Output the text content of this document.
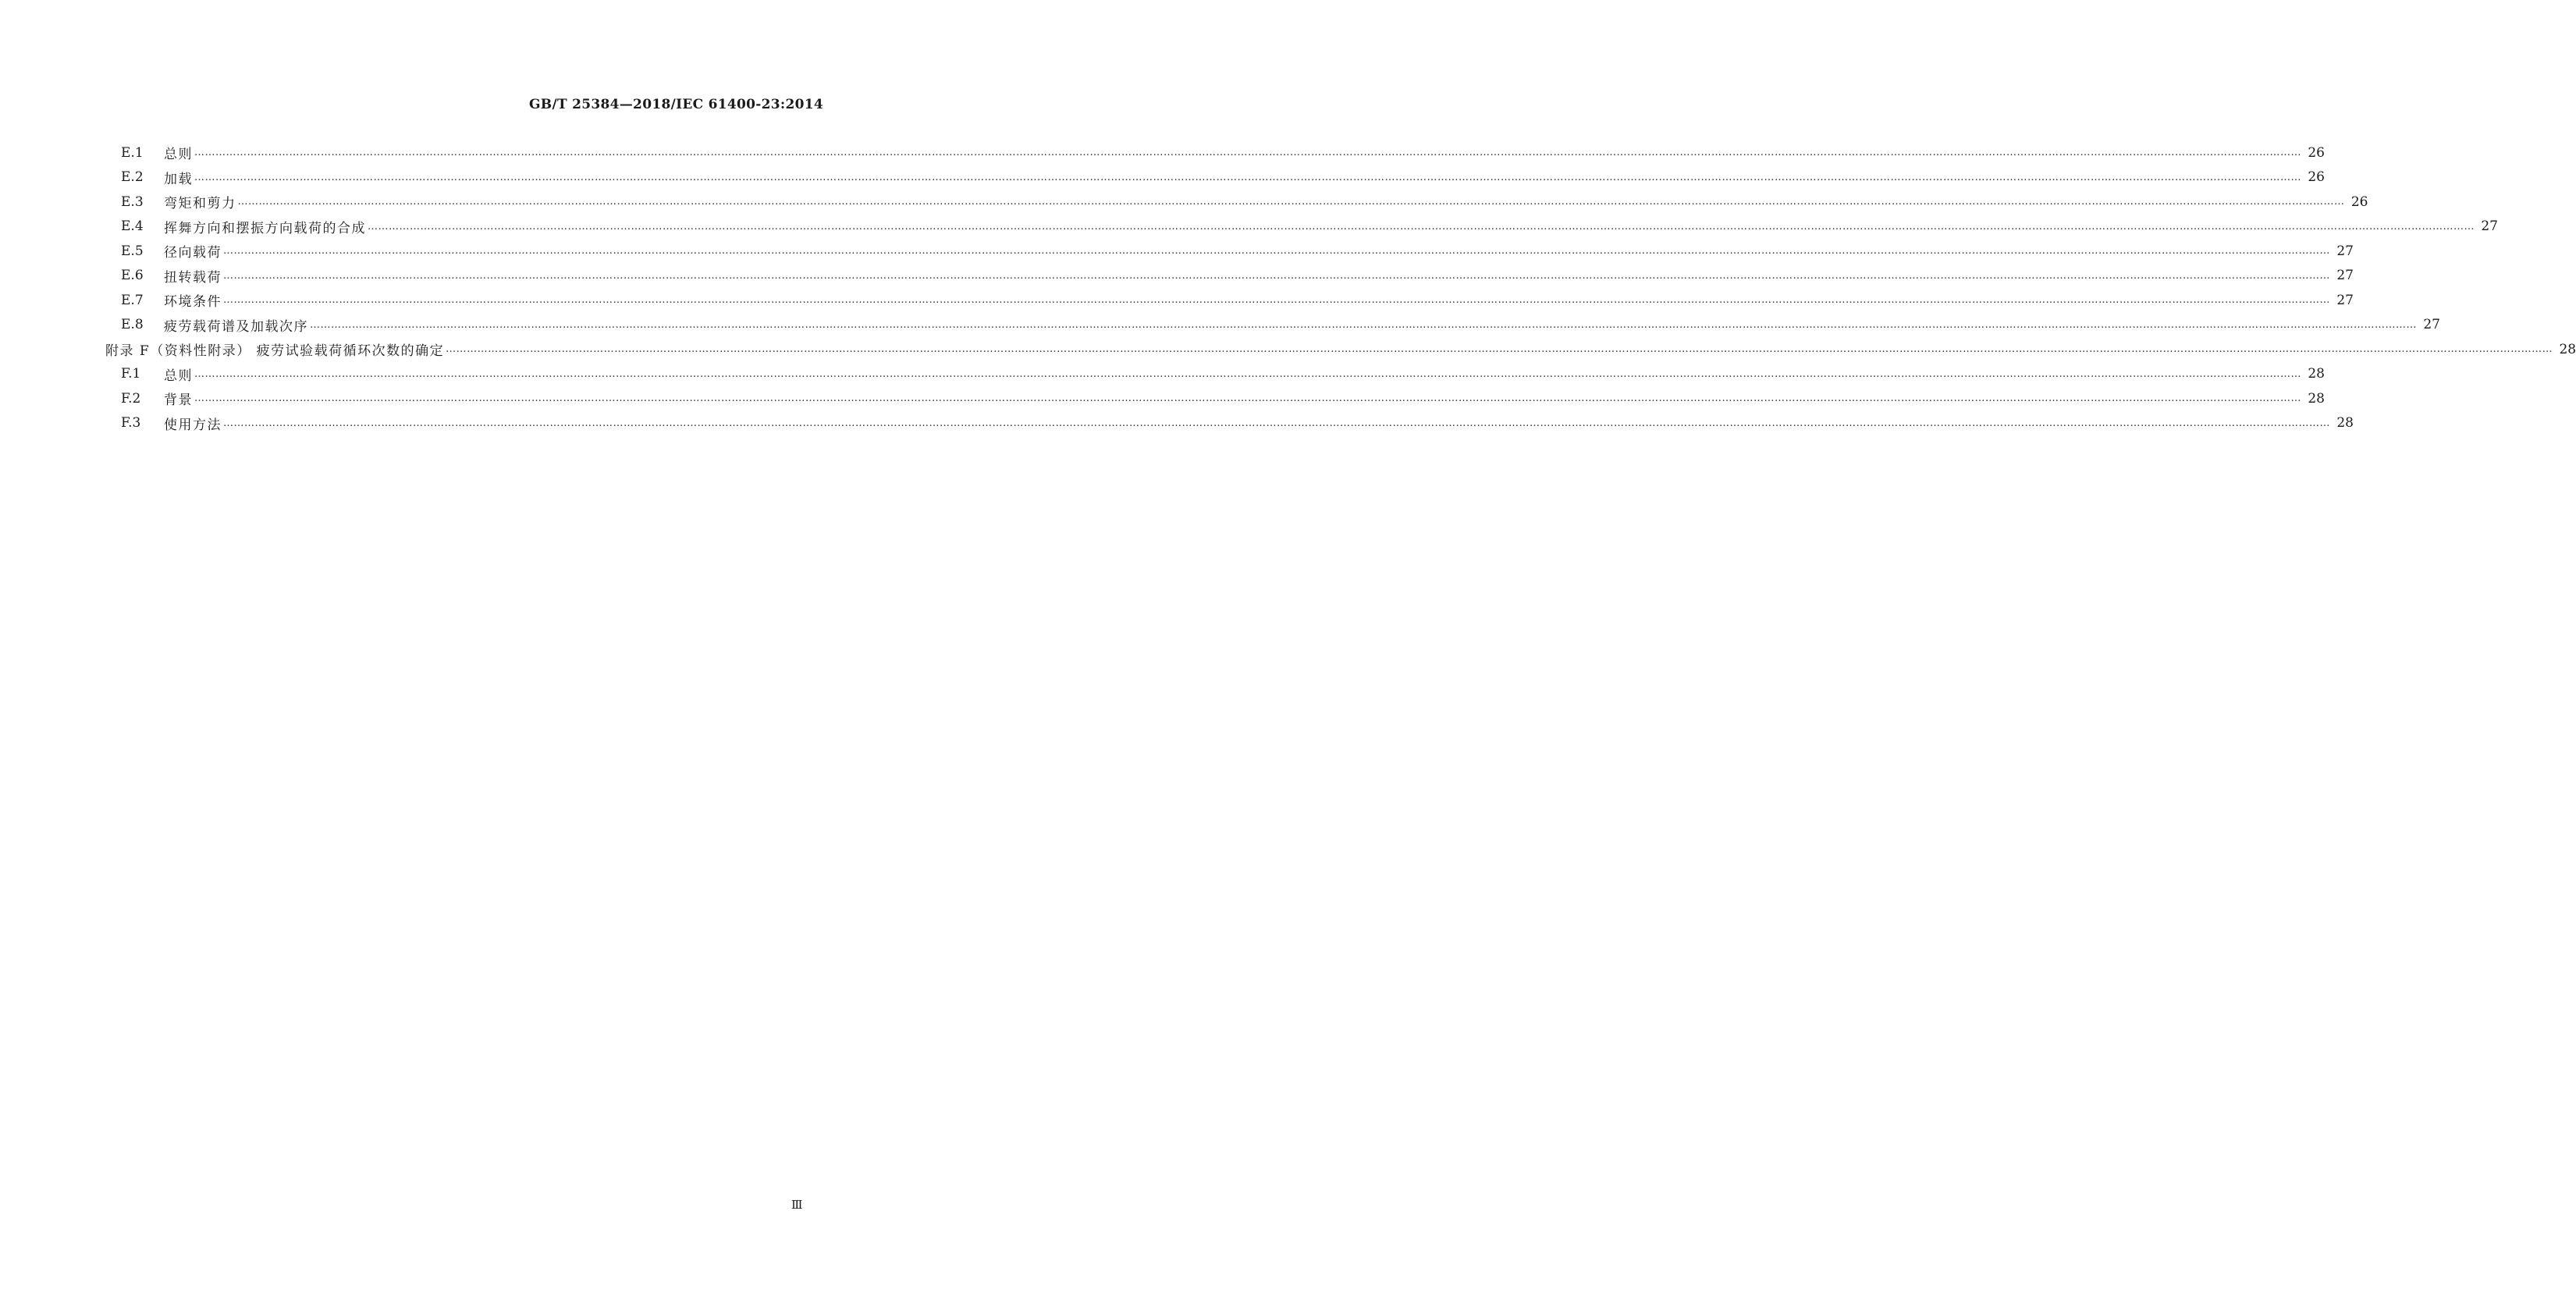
GB/T 25384—2018/IEC 61400-23:2014
E.1	总则 …………………………………………………………………………………………………………………………………………………………………………………………………………………………………………………………………………………………………………………………………………………………………………………………………………………………………………………………………………………………………………………………………………………… 26
E.2	加载 …………………………………………………………………………………………………………………………………………………………………………………………………………………………………………………………………………………………………………………………………………………………………………………………………………………………………………………………………………………………………………………………………………………… 26
E.3	弯矩和剪力 …………………………………………………………………………………………………………………………………………………………………………………………………………………………………………………………………………………………………………………………………………………………………………………………………………………………………………………………………………………………………………………………………………………… 26
E.4	挥舞方向和摆振方向载荷的合成 …………………………………………………………………………………………………………………………………………………………………………………………………………………………………………………………………………………………………………………………………………………………………………………………………………………………………………………………………………………………………………………………………………………… 27
E.5	径向载荷 …………………………………………………………………………………………………………………………………………………………………………………………………………………………………………………………………………………………………………………………………………………………………………………………………………………………………………………………………………………………………………………………………………………… 27
E.6	扭转载荷 …………………………………………………………………………………………………………………………………………………………………………………………………………………………………………………………………………………………………………………………………………………………………………………………………………………………………………………………………………………………………………………………………………………… 27
E.7	环境条件 …………………………………………………………………………………………………………………………………………………………………………………………………………………………………………………………………………………………………………………………………………………………………………………………………………………………………………………………………………………………………………………………………………………… 27
E.8	疲劳载荷谱及加载次序 …………………………………………………………………………………………………………………………………………………………………………………………………………………………………………………………………………………………………………………………………………………………………………………………………………………………………………………………………………………………………………………………………………………… 27
附录 F（资料性附录） 疲劳试验载荷循环次数的确定 …………………………………………………………………………………………………………………………………………………………………………………………………………………………………………………………………………………………………………………………………………………………………………………………………………………………………………………………………………………………………………………………………………………… 28
F.1	总则 …………………………………………………………………………………………………………………………………………………………………………………………………………………………………………………………………………………………………………………………………………………………………………………………………………………………………………………………………………………………………………………………………………………… 28
F.2	背景 …………………………………………………………………………………………………………………………………………………………………………………………………………………………………………………………………………………………………………………………………………………………………………………………………………………………………………………………………………………………………………………………………………………… 28
F.3	使用方法 …………………………………………………………………………………………………………………………………………………………………………………………………………………………………………………………………………………………………………………………………………………………………………………………………………………………………………………………………………………………………………………………………………………… 28
Ⅲ
